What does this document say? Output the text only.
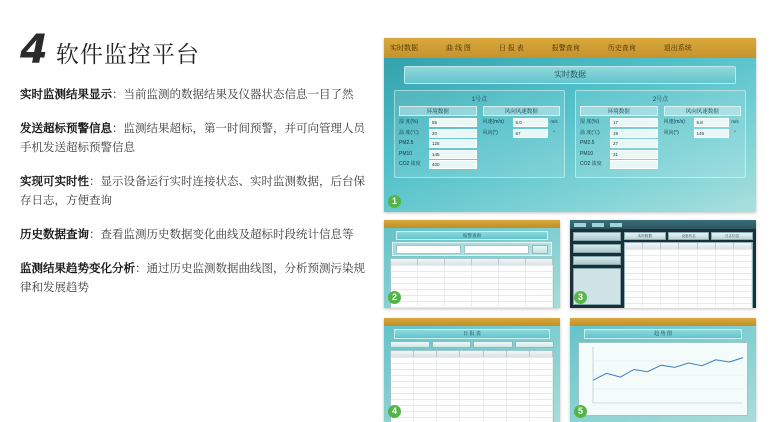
4 软件监控平台
实时监测结果显示：当前监测的数据结果及仪器状态信息一目了然
发送超标预警信息：监测结果超标，第一时间预警，并可向管理人员手机发送超标预警信息
实现可实时性：显示设备运行实时连接状态、实时监测数据，后台保存日志，方便查询
历史数据查询：查看监测历史数据变化曲线及超标时段统计信息等
监测结果趋势变化分析：通过历史监测数据曲线图，分析预测污染规律和发展趋势
实时数据	曲 线 图	日 报 表	报警查询	历史查询	退出系统
实时数据
1号点
环境数据
湿 度(%)	55
温 度(℃)	20
PM2.5	125
PM10	145
CO2 浓度	400
风向风速数据
风速(m/s)	5.0	m/s
风向(°)	67	°
2号点
环境数据
湿 度(%)	17
温 度(℃)	19
PM2.5	27
PM10	31
CO2 浓度
风向风速数据
风速(m/s)	5.8	m/s
风向(°)	149	°
1
报警查询
2
实时数据	设备状态	日志信息
3
日 报 表
4
趋 势 图
5
